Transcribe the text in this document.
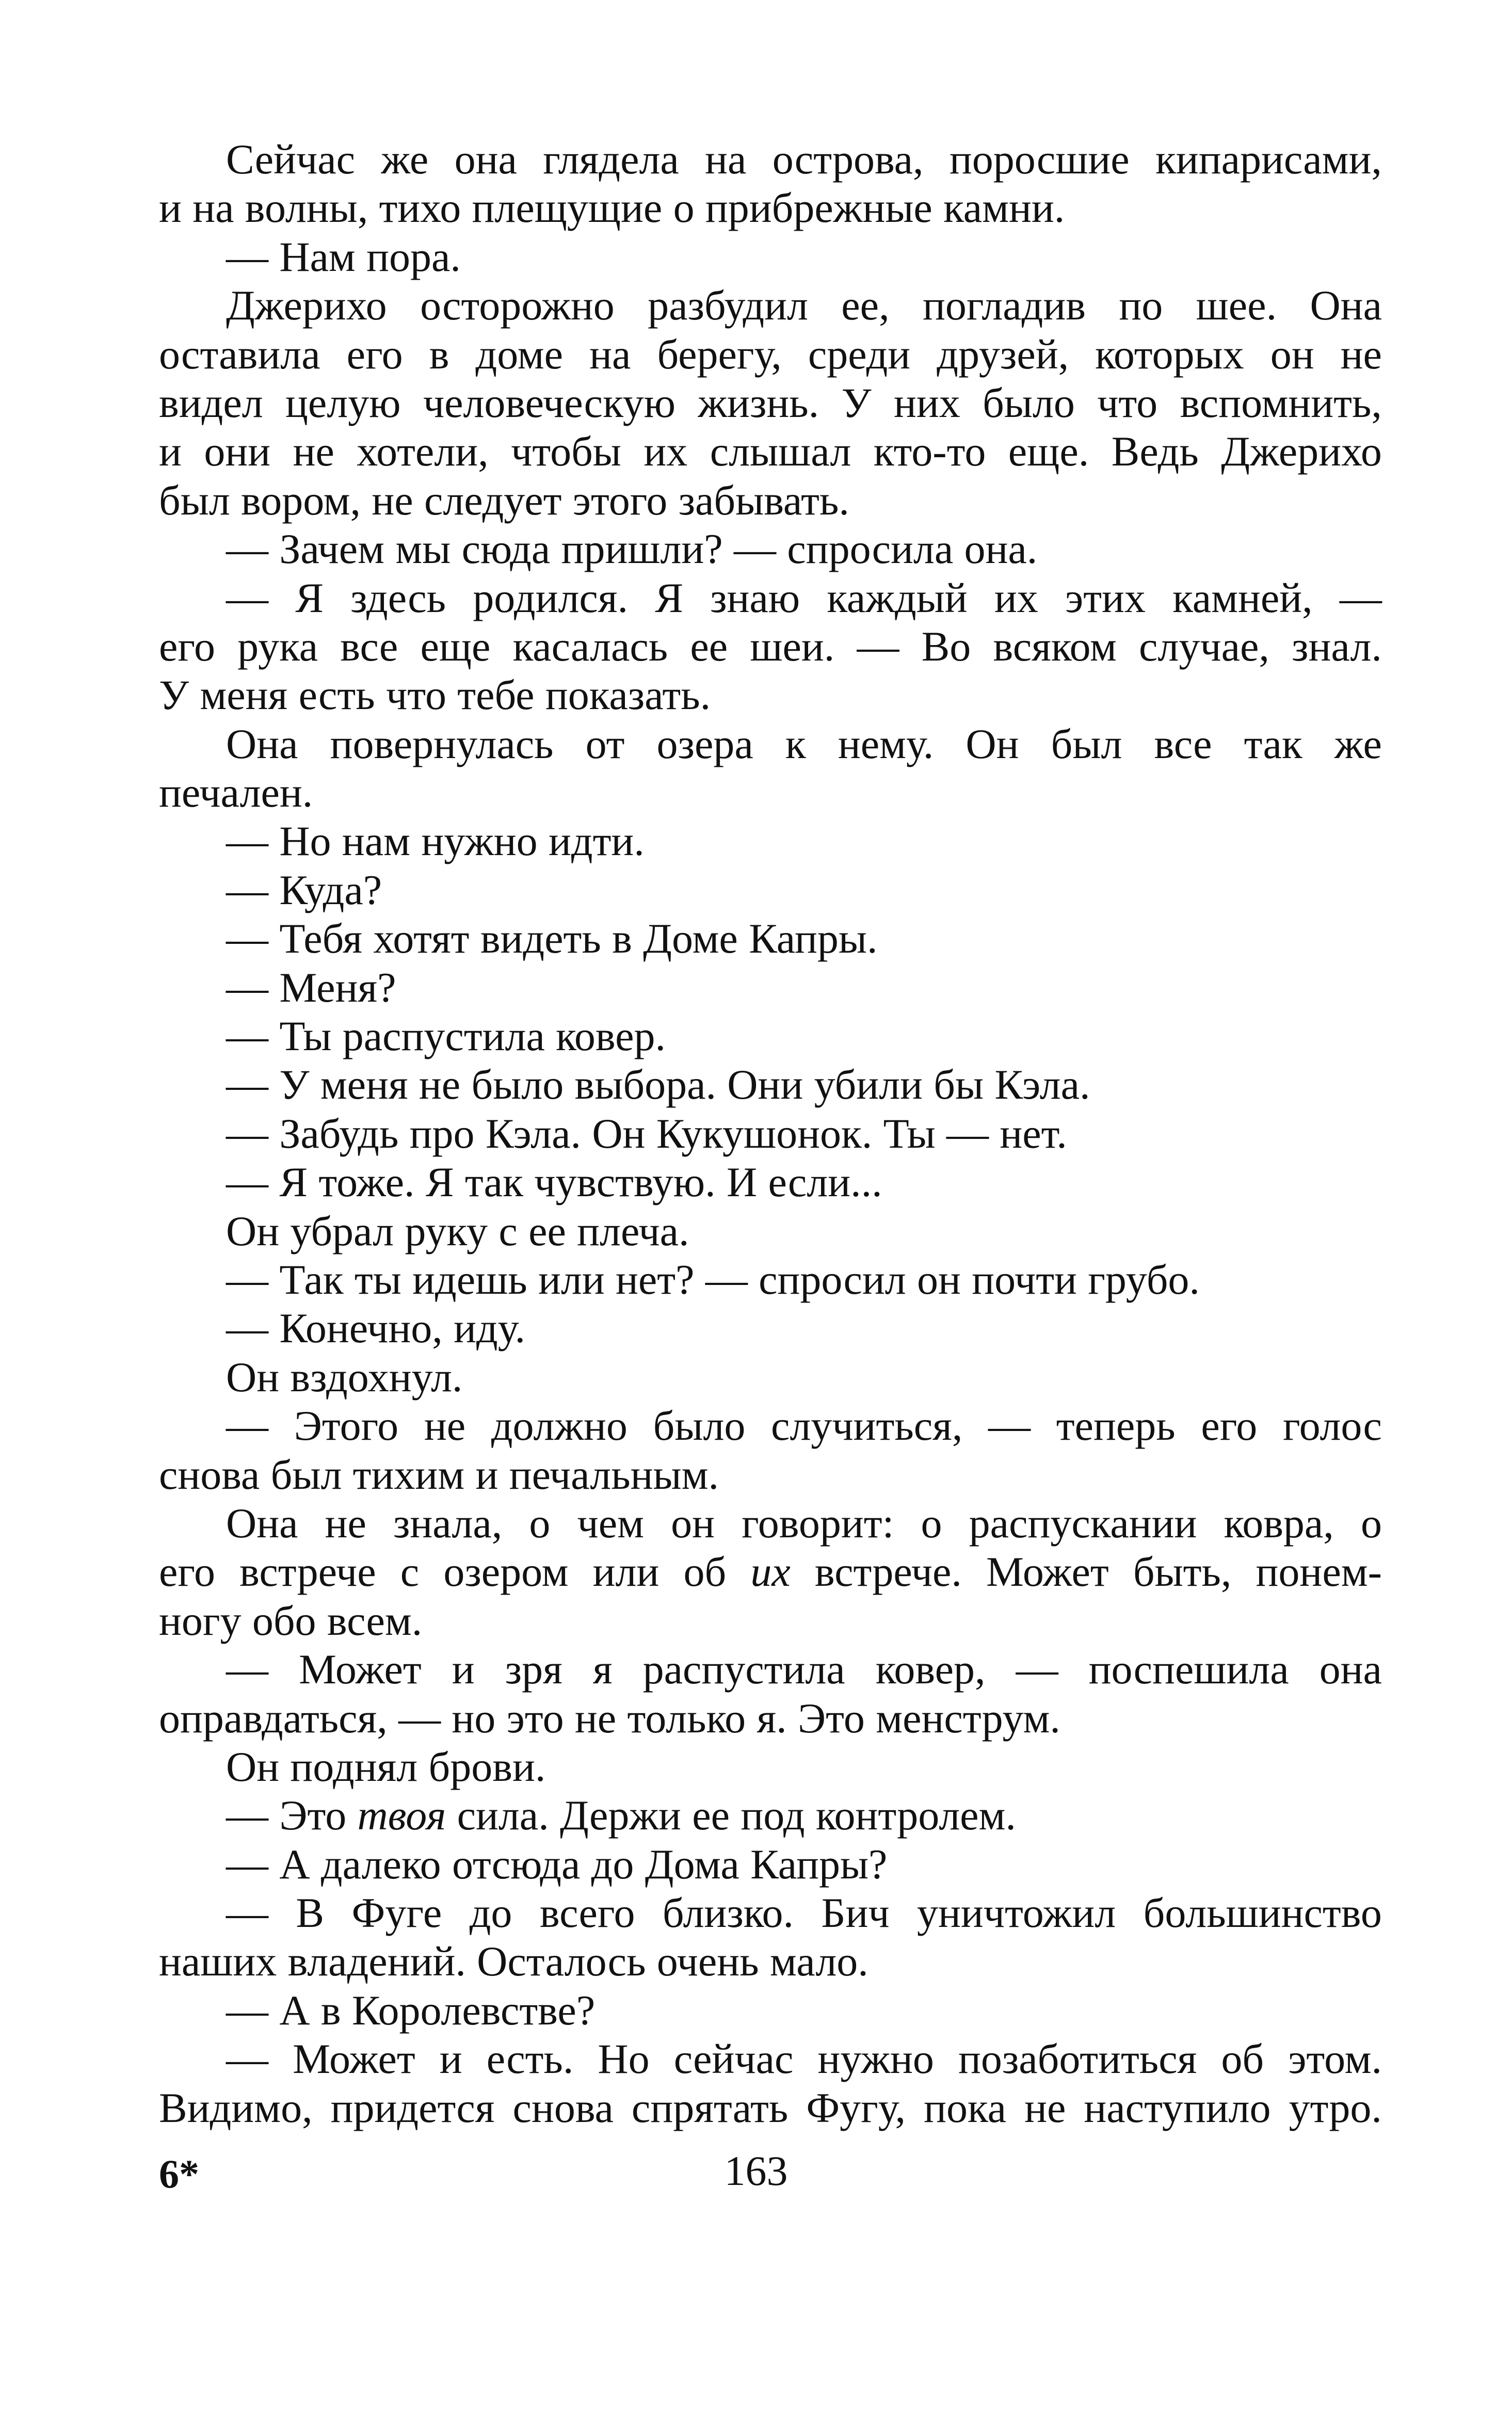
Сейчас же она глядела на острова, поросшие кипарисами,
и на волны, тихо плещущие о прибрежные камни.
— Нам пора.
Джерихо осторожно разбудил ее, погладив по шее. Она
оставила его в доме на берегу, среди друзей, которых он не
видел целую человеческую жизнь. У них было что вспомнить,
и они не хотели, чтобы их слышал кто-то еще. Ведь Джерихо
был вором, не следует этого забывать.
— Зачем мы сюда пришли? — спросила она.
— Я здесь родился. Я знаю каждый их этих камней, —
его рука все еще касалась ее шеи. — Во всяком случае, знал.
У меня есть что тебе показать.
Она повернулась от озера к нему. Он был все так же
печален.
— Но нам нужно идти.
— Куда?
— Тебя хотят видеть в Доме Капры.
— Меня?
— Ты распустила ковер.
— У меня не было выбора. Они убили бы Кэла.
— Забудь про Кэла. Он Кукушонок. Ты — нет.
— Я тоже. Я так чувствую. И если...
Он убрал руку с ее плеча.
— Так ты идешь или нет? — спросил он почти грубо.
— Конечно, иду.
Он вздохнул.
— Этого не должно было случиться, — теперь его голос
снова был тихим и печальным.
Она не знала, о чем он говорит: о распускании ковра, о
его встрече с озером или об их встрече. Может быть, понем-
ногу обо всем.
— Может и зря я распустила ковер, — поспешила она
оправдаться, — но это не только я. Это менструм.
Он поднял брови.
— Это твоя сила. Держи ее под контролем.
— А далеко отсюда до Дома Капры?
— В Фуге до всего близко. Бич уничтожил большинство
наших владений. Осталось очень мало.
— А в Королевстве?
— Может и есть. Но сейчас нужно позаботиться об этом.
Видимо, придется снова спрятать Фугу, пока не наступило утро.
6*	163
